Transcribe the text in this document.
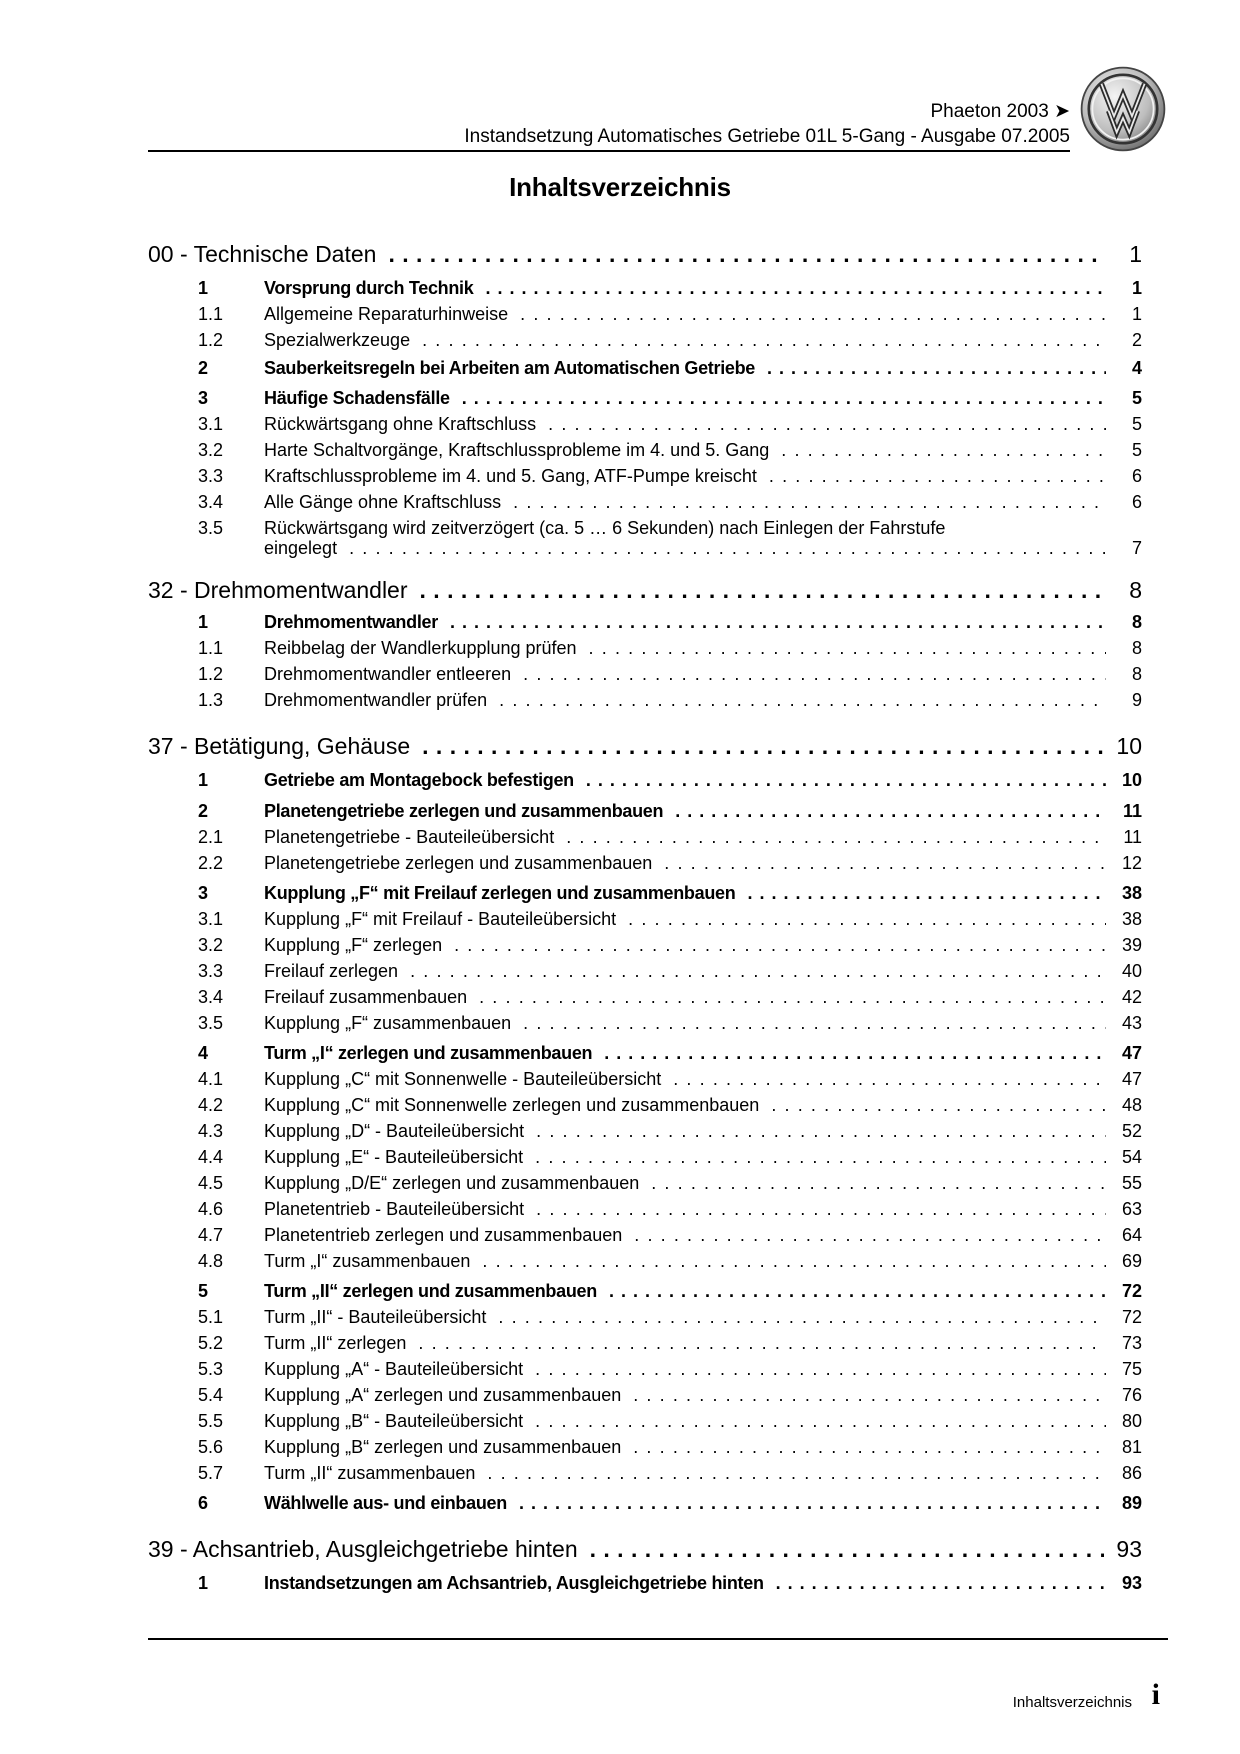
Phaeton 2003 ➤
Instandsetzung Automatisches Getriebe 01L 5-Gang - Ausgabe 07.2005
Inhaltsverzeichnis
00 - Technische Daten . . .	1
1	Vorsprung durch Technik . . .	1
1.1 Allgemeine Reparaturhinweise . . .	1
1.2 Spezialwerkzeuge . . .	2
2	Sauberkeitsregeln bei Arbeiten am Automatischen Getriebe . . .	4
3	Häufige Schadensfälle . . .	5
3.1 Rückwärtsgang ohne Kraftschluss . . .	5
3.2 Harte Schaltvorgänge, Kraftschlussprobleme im 4. und 5. Gang . . .	5
3.3 Kraftschlussprobleme im 4. und 5. Gang, ATF-Pumpe kreischt . . .	6
3.4 Alle Gänge ohne Kraftschluss . . .	6
3.5 Rückwärtsgang wird zeitverzögert (ca. 5 … 6 Sekunden) nach Einlegen der Fahrstufe
eingelegt . . .	7
32 - Drehmomentwandler . . .	8
1	Drehmomentwandler . . .	8
1.1 Reibbelag der Wandlerkupplung prüfen . . .	8
1.2 Drehmomentwandler entleeren . . .	8
1.3 Drehmomentwandler prüfen . . .	9
37 - Betätigung, Gehäuse . . .	10
1	Getriebe am Montagebock befestigen . . .	10
2	Planetengetriebe zerlegen und zusammenbauen . . .	11
2.1 Planetengetriebe - Bauteileübersicht . . .	11
2.2 Planetengetriebe zerlegen und zusammenbauen . . .	12
3	Kupplung „F“ mit Freilauf zerlegen und zusammenbauen . . .	38
3.1 Kupplung „F“ mit Freilauf - Bauteileübersicht . . .	38
3.2 Kupplung „F“ zerlegen . . .	39
3.3 Freilauf zerlegen . . .	40
3.4 Freilauf zusammenbauen . . .	42
3.5 Kupplung „F“ zusammenbauen . . .	43
4	Turm „I“ zerlegen und zusammenbauen . . .	47
4.1 Kupplung „C“ mit Sonnenwelle - Bauteileübersicht . . .	47
4.2 Kupplung „C“ mit Sonnenwelle zerlegen und zusammenbauen . . .	48
4.3 Kupplung „D“ - Bauteileübersicht . . .	52
4.4 Kupplung „E“ - Bauteileübersicht . . .	54
4.5 Kupplung „D/E“ zerlegen und zusammenbauen . . .	55
4.6 Planetentrieb - Bauteileübersicht . . .	63
4.7 Planetentrieb zerlegen und zusammenbauen . . .	64
4.8 Turm „I“ zusammenbauen . . .	69
5	Turm „II“ zerlegen und zusammenbauen . . .	72
5.1 Turm „II“ - Bauteileübersicht . . .	72
5.2 Turm „II“ zerlegen . . .	73
5.3 Kupplung „A“ - Bauteileübersicht . . .	75
5.4 Kupplung „A“ zerlegen und zusammenbauen . . .	76
5.5 Kupplung „B“ - Bauteileübersicht . . .	80
5.6 Kupplung „B“ zerlegen und zusammenbauen . . .	81
5.7 Turm „II“ zusammenbauen . . .	86
6	Wählwelle aus- und einbauen . . .	89
39 - Achsantrieb, Ausgleichgetriebe hinten . . .	93
1	Instandsetzungen am Achsantrieb, Ausgleichgetriebe hinten . . .	93
Inhaltsverzeichnis i
